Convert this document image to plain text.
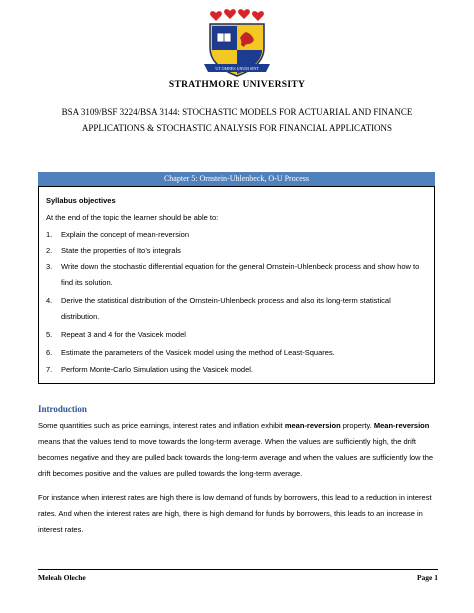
UT OMNES UNUM SINT
STRATHMORE UNIVERSITY
BSA 3109/BSF 3224/BSA 3144: STOCHASTIC MODELS FOR ACTUARIAL AND FINANCE APPLICATIONS & STOCHASTIC ANALYSIS FOR FINANCIAL APPLICATIONS
Chapter 5: Ornstein-Uhlenbeck, O-U Process
Syllabus objectives
At the end of the topic the learner should be able to:
1.	Explain the concept of mean-reversion
2.	State the properties of Ito’s integrals
3.	Write down the stochastic differential equation for the general Ornstein-Uhlenbeck process and show how to find its solution.
4.	Derive the statistical distribution of the Ornstein-Uhlenbeck process and also its long-term statistical distribution.
5.	Repeat 3 and 4 for the Vasicek model
6.	Estimate the parameters of the Vasicek model using the method of Least-Squares.
7.	Perform Monte-Carlo Simulation using the Vasicek model.
Introduction
Some quantities such as price earnings, interest rates and inflation exhibit mean-reversion property. Mean-reversion means that the values tend to move towards the long-term average. When the values are sufficiently high, the drift becomes negative and they are pulled back towards the long-term average and when the values are sufficiently low the drift becomes positive and the values are pulled towards the long-term average.
For instance when interest rates are high there is low demand of funds by borrowers, this lead to a reduction in interest rates. And when the interest rates are high, there is high demand for funds by borrowers, this leads to an increase in interest rates.
Meleah Oleche	Page 1
